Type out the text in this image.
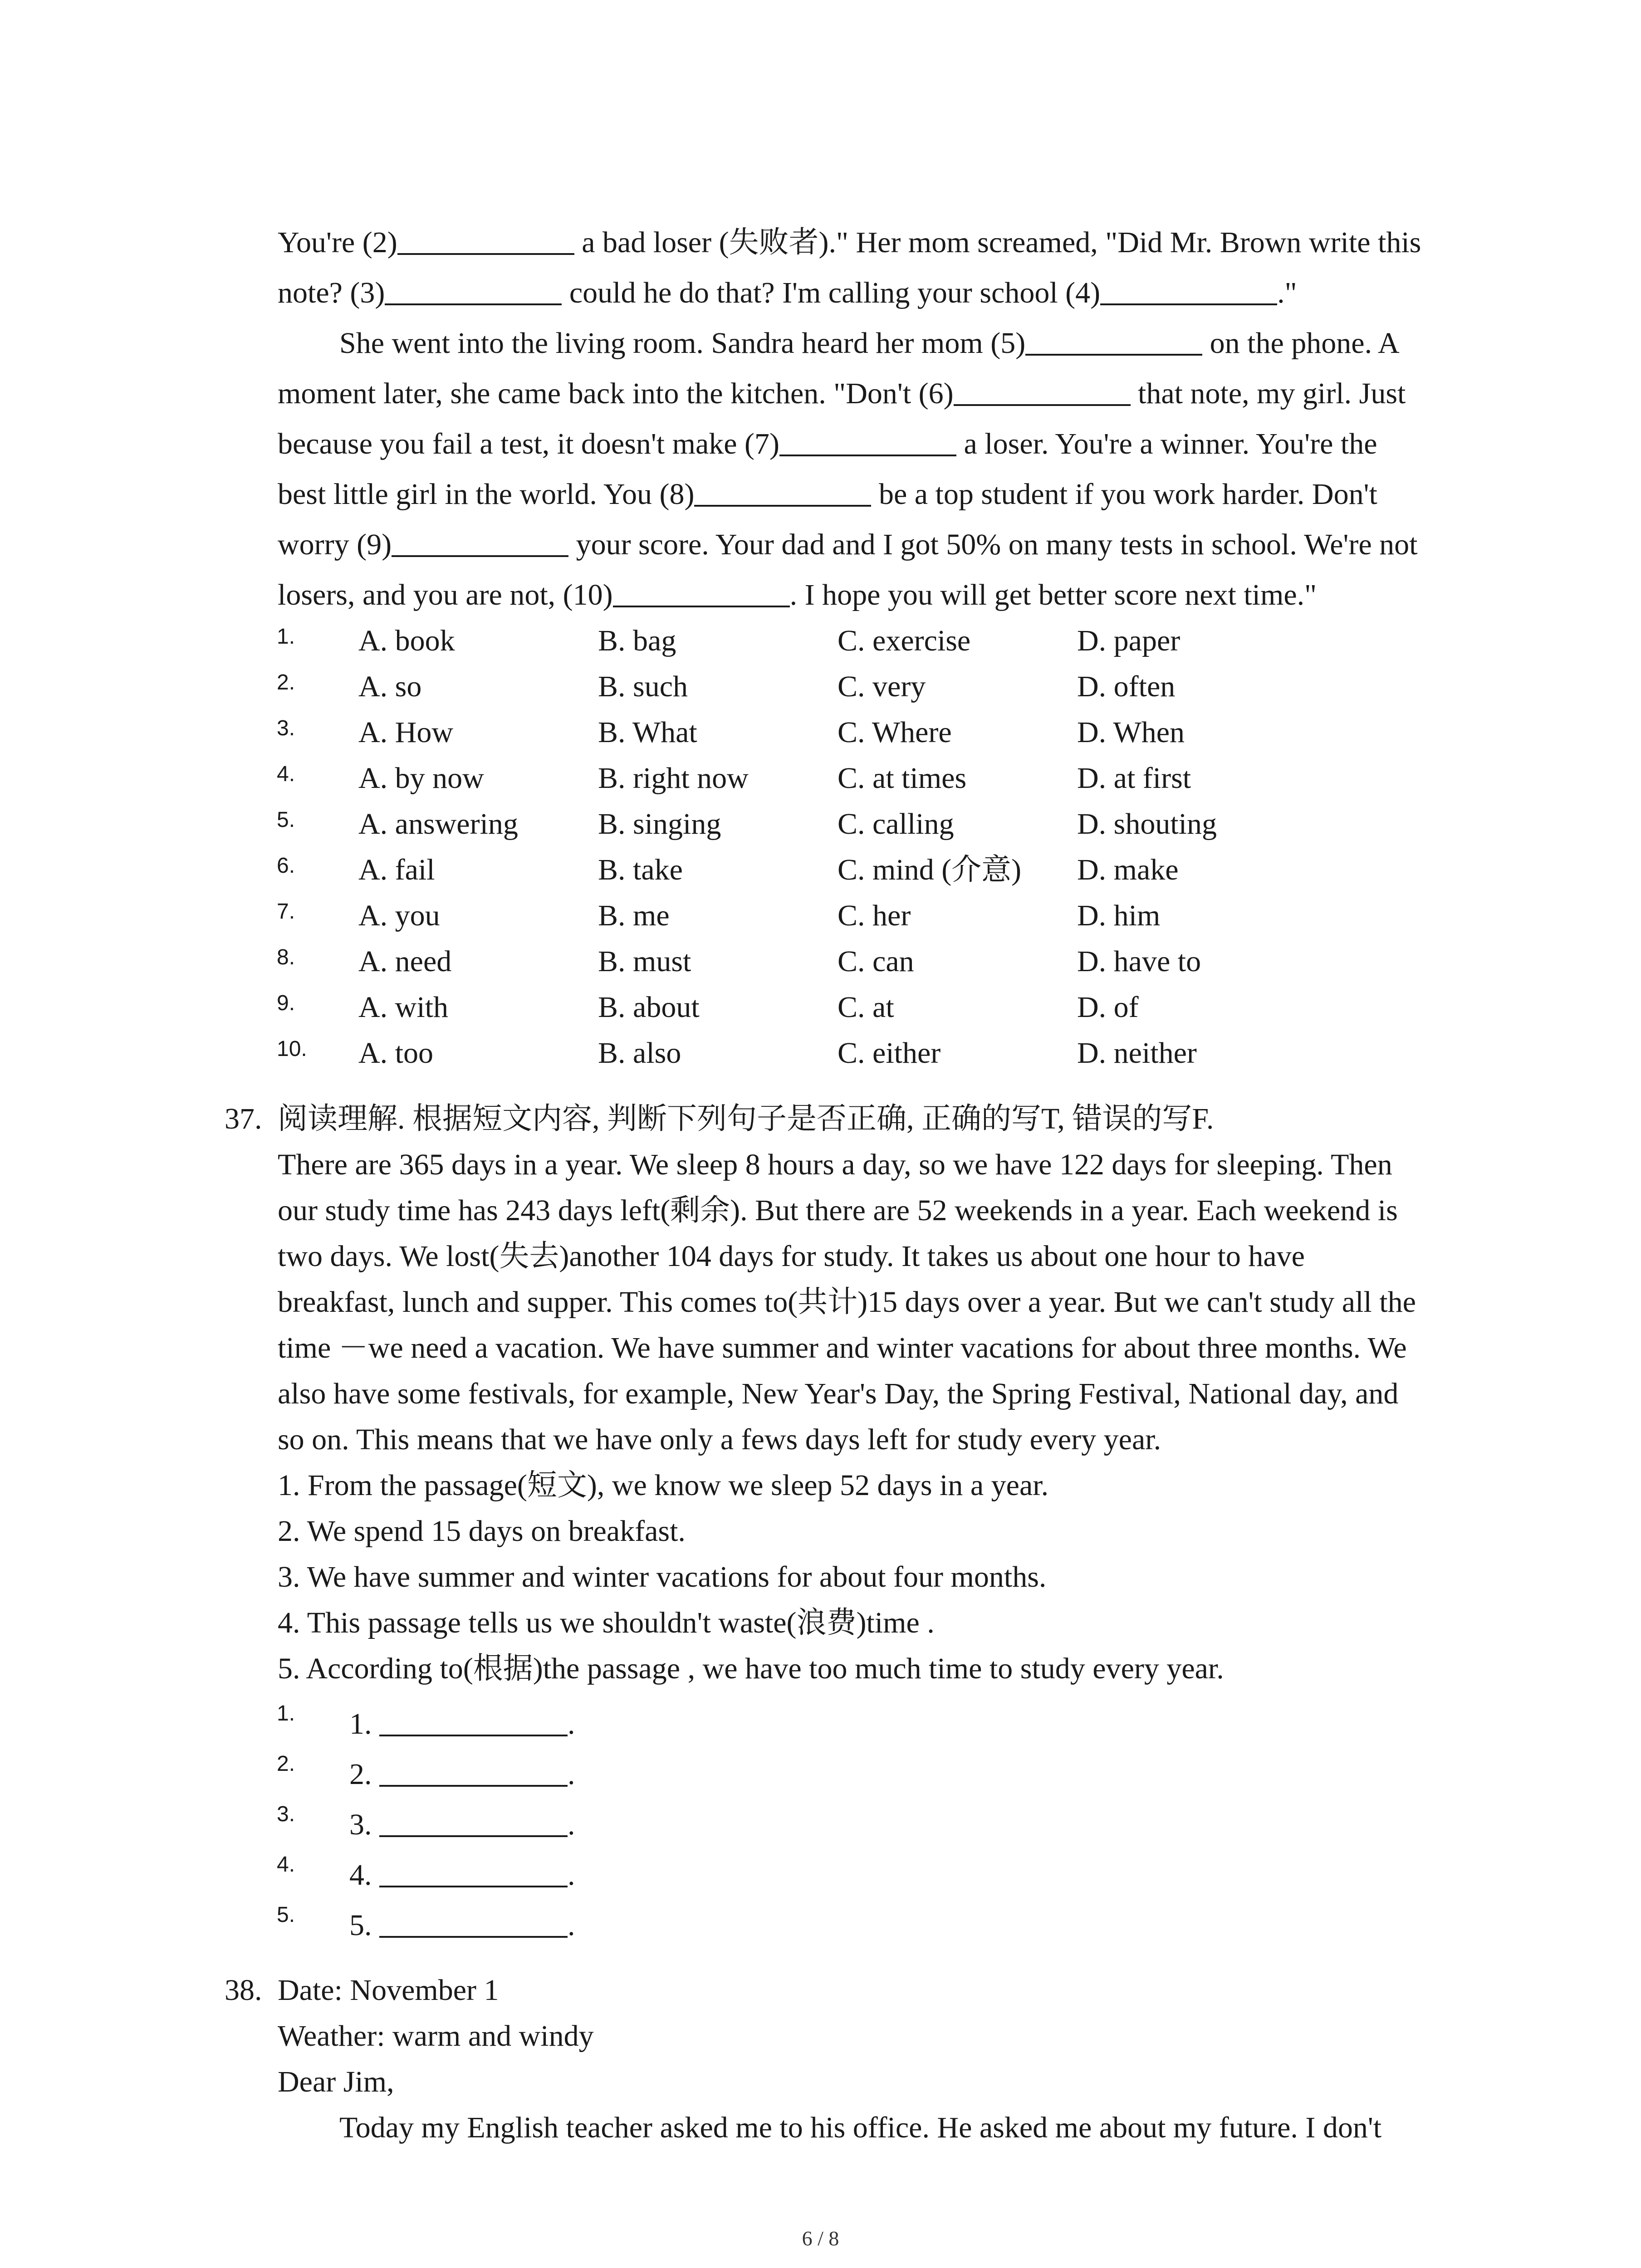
You're (2)	a bad loser (失败者)." Her mom screamed, "Did Mr. Brown write this
note? (3)	could he do that? I'm calling your school (4)	."
She went into the living room. Sandra heard her mom (5)	on the phone. A
moment later, she came back into the kitchen. "Don't (6)	that note, my girl. Just
because you fail a test, it doesn't make (7)	a loser. You're a winner. You're the
best little girl in the world. You (8)	be a top student if you work harder. Don't
worry (9)	your score. Your dad and I got 50% on many tests in school. We're not
losers, and you are not, (10)	. I hope you will get better score next time."
1. A. book	B. bag	C. exercise	D. paper
2. A. so	B. such	C. very	D. often
3. A. How	B. What	C. Where	D. When
4. A. by now	B. right now	C. at times	D. at first
5. A. answering	B. singing	C. calling	D. shouting
6. A. fail	B. take	C. mind (介意) D. make
7. A. you	B. me	C. her	D. him
8. A. need	B. must	C. can	D. have to
9. A. with	B. about	C. at	D. of
10. A. too	B. also	C. either	D. neither
37. 阅读理解. 根据短文内容, 判断下列句子是否正确, 正确的写T, 错误的写F.
There are 365 days in a year. We sleep 8 hours a day, so we have 122 days for sleeping. Then
our study time has 243 days left(剩余). But there are 52 weekends in a year. Each weekend is
two days. We lost(失去)another 104 days for study. It takes us about one hour to have
breakfast, lunch and supper. This comes to(共计)15 days over a year. But we can't study all the
time －we need a vacation. We have summer and winter vacations for about three months. We
also have some festivals, for example, New Year's Day, the Spring Festival, National day, and
so on. This means that we have only a fews days left for study every year.
1. From the passage(短文), we know we sleep 52 days in a year.
2. We spend 15 days on breakfast.
3. We have summer and winter vacations for about four months.
4. This passage tells us we shouldn't waste(浪费)time .
5. According to(根据)the passage , we have too much time to study every year.
1. 1.	.
2. 2.	.
3. 3.	.
4. 4.	.
5. 5.	.
38. Date: November 1
Weather: warm and windy
Dear Jim,
Today my English teacher asked me to his office. He asked me about my future. I don't
6 / 8
